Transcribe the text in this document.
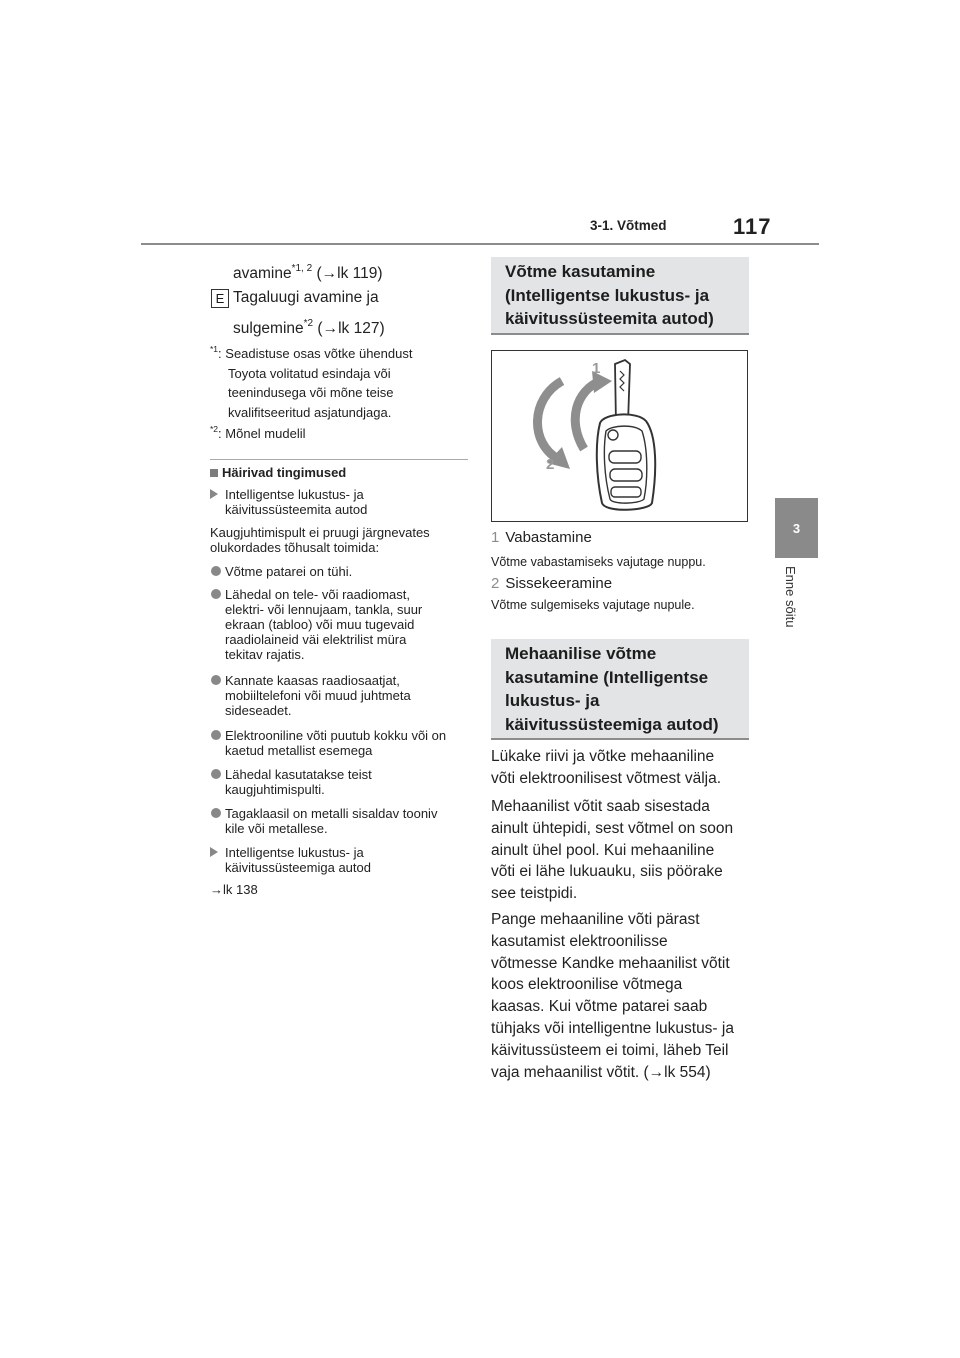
3-1. Võtmed	117
3
Enne sõitu
avamine$^{*1, 2}$ (→lk 119)
E Tagaluugi avamine ja
sulgemine$^{*2}$ (→lk 127)
$^{*1}$: Seadistuse osas võtke ühendust
Toyota volitatud esindaja või
teenindusega või mõne teise
kvalifitseeritud asjatundjaga.
$^{*2}$: Mõnel mudelil
Häirivad tingimused
Intelligentse lukustus- ja
käivitussüsteemita autod
Kaugjuhtimispult ei pruugi järgnevates
olukordades tõhusalt toimida:
Võtme patarei on tühi.
Lähedal on tele- või raadiomast,
elektri- või lennujaam, tankla, suur
ekraan (tabloo) või muu tugevaid
raadiolaineid väi elektrilist müra
tekitav rajatis.
Kannate kaasas raadiosaatjat,
mobiiltelefoni või muud juhtmeta
sideseadet.
Elektrooniline võti puutub kokku või on
kaetud metallist esemega
Lähedal kasutatakse teist
kaugjuhtimispulti.
Tagaklaasil on metalli sisaldav tooniv
kile või metallese.
Intelligentse lukustus- ja
käivitussüsteemiga autod
→lk 138
Võtme kasutamine
(Intelligentse lukustus- ja
käivitussüsteemita autod)
1
2
1 Vabastamine
Võtme vabastamiseks vajutage nuppu.
2 Sissekeeramine
Võtme sulgemiseks vajutage nupule.
Mehaanilise võtme
kasutamine (Intelligentse
lukustus- ja
käivitussüsteemiga autod)
Lükake riivi ja võtke mehaaniline
võti elektroonilisest võtmest välja.
Mehaanilist võtit saab sisestada
ainult ühtepidi, sest võtmel on soon
ainult ühel pool. Kui mehaaniline
võti ei lähe lukuauku, siis pöörake
see teistpidi.
Pange mehaaniline võti pärast
kasutamist elektroonilisse
võtmesse Kandke mehaanilist võtit
koos elektroonilise võtmega
kaasas. Kui võtme patarei saab
tühjaks või intelligentne lukustus- ja
käivitussüsteem ei toimi, läheb Teil
vaja mehaanilist võtit. (→lk 554)
